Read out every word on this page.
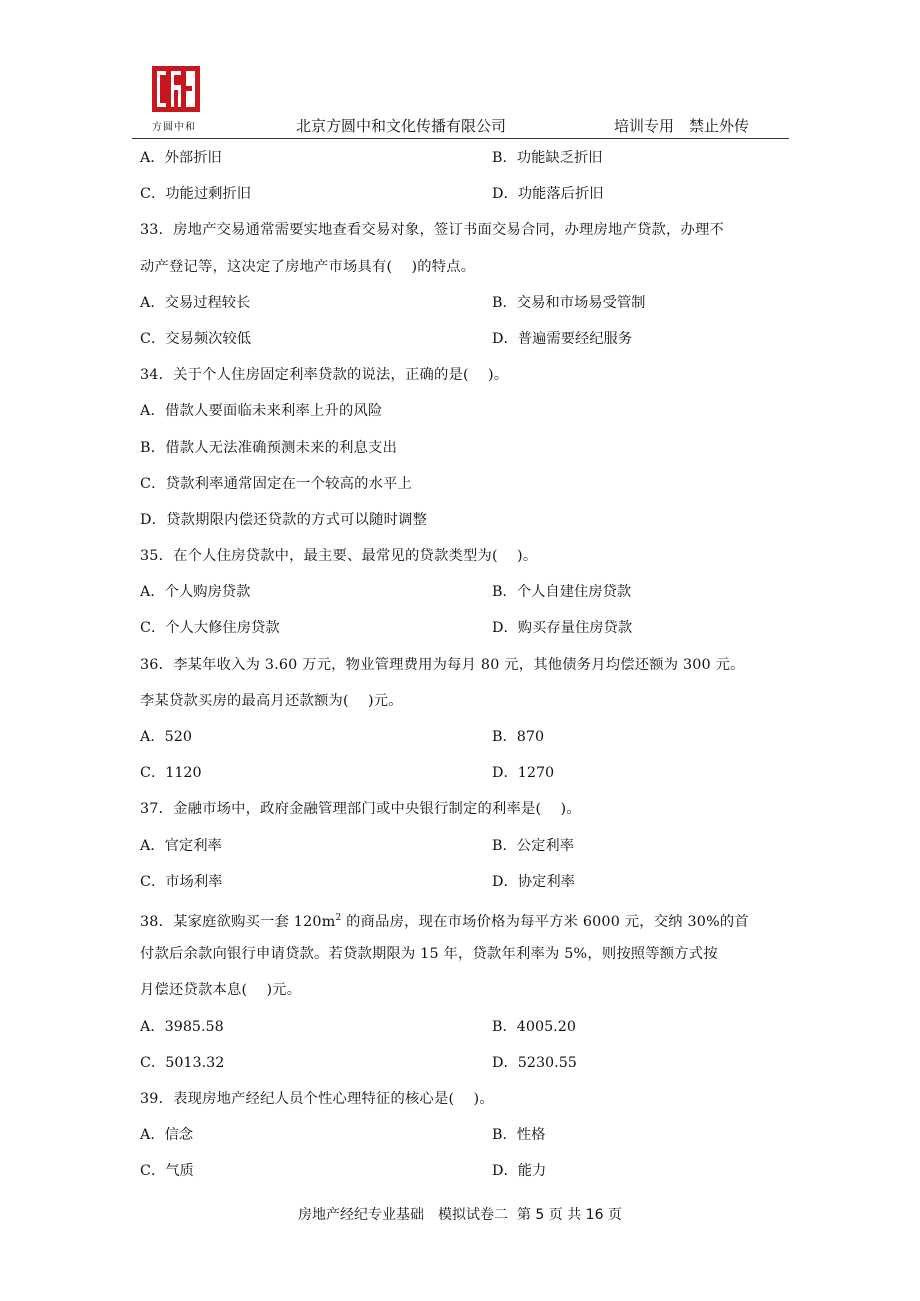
方圆中和	北京方圆中和文化传播有限公司	培训专用　禁止外传
A．外部折旧	B．功能缺乏折旧
C．功能过剩折旧	D．功能落后折旧
33．房地产交易通常需要实地查看交易对象，签订书面交易合同，办理房地产贷款，办理不
动产登记等，这决定了房地产市场具有(　 )的特点。
A．交易过程较长	B．交易和市场易受管制
C．交易频次较低	D．普遍需要经纪服务
34．关于个人住房固定利率贷款的说法，正确的是(　 )。
A．借款人要面临未来利率上升的风险
B．借款人无法准确预测未来的利息支出
C．贷款利率通常固定在一个较高的水平上
D．贷款期限内偿还贷款的方式可以随时调整
35．在个人住房贷款中，最主要、最常见的贷款类型为(　 )。
A．个人购房贷款	B．个人自建住房贷款
C．个人大修住房贷款	D．购买存量住房贷款
36．李某年收入为 3.60 万元，物业管理费用为每月 80 元，其他债务月均偿还额为 300 元。
李某贷款买房的最高月还款额为(　 )元。
A．520	B．870
C．1120	D．1270
37．金融市场中，政府金融管理部门或中央银行制定的利率是(　 )。
A．官定利率	B．公定利率
C．市场利率	D．协定利率
38．某家庭欲购买一套 $120m^2$ 的商品房，现在市场价格为每平方米 6000 元，交纳 30%的首
付款后余款向银行申请贷款。若贷款期限为 15 年，贷款年利率为 5%，则按照等额方式按
月偿还贷款本息(　 )元。
A．3985.58	B．4005.20
C．5013.32	D．5230.55
39．表现房地产经纪人员个性心理特征的核心是(　 )。
A．信念	B．性格
C．气质	D．能力
房地产经纪专业基础　模拟试卷二 第 5 页 共 16 页
